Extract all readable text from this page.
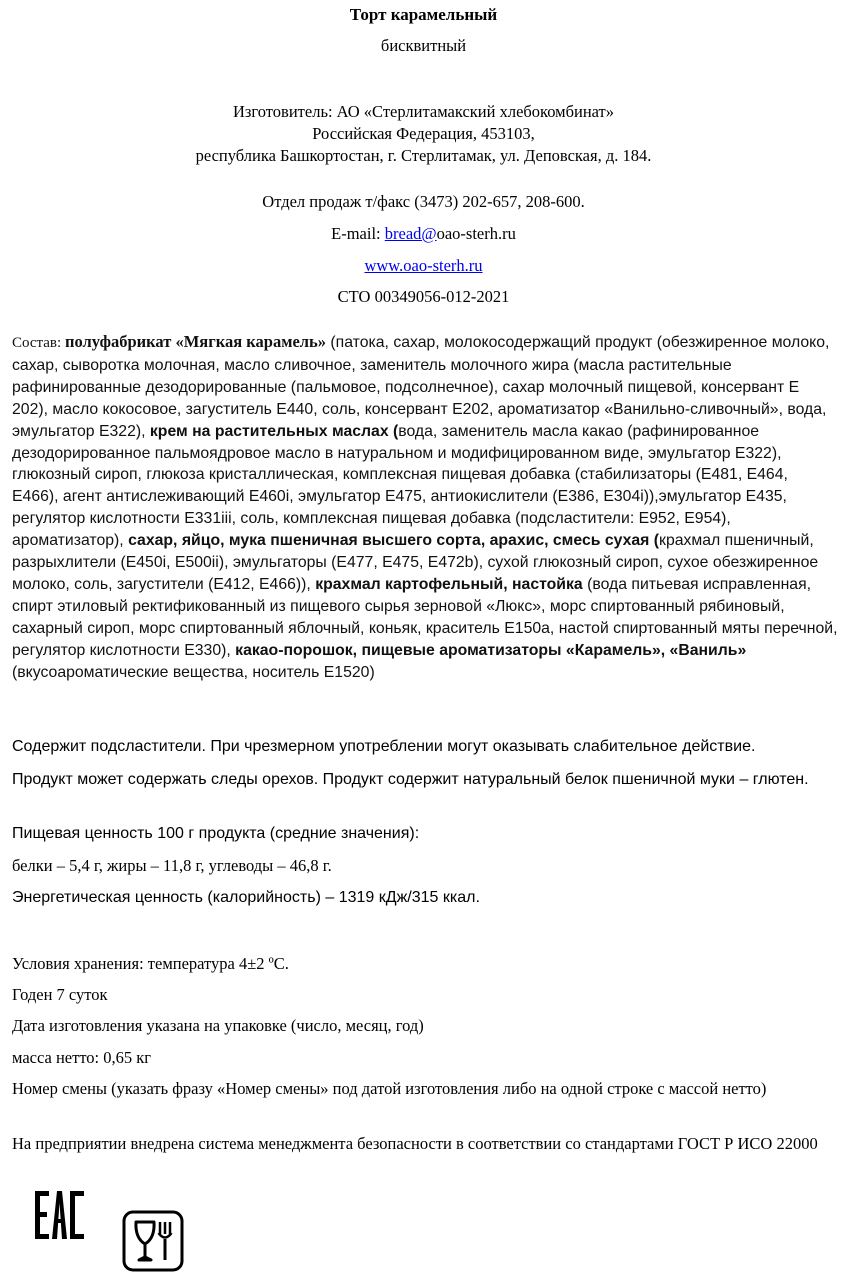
Торт карамельный
бисквитный
Изготовитель: АО «Стерлитамакский хлебокомбинат»
Российская Федерация, 453103,
республика Башкортостан, г. Стерлитамак, ул. Деповская, д. 184.
Отдел продаж т/факс (3473) 202-657, 208-600.
E-mail: bread@oao-sterh.ru
www.oao-sterh.ru
СТО 00349056-012-2021
Состав: полуфабрикат «Мягкая карамель» (патока, сахар, молокосодержащий продукт (обезжиренное молоко, сахар, сыворотка молочная, масло сливочное, заменитель молочного жира (масла растительные рафинированные дезодорированные (пальмовое, подсолнечное), сахар молочный пищевой, консервант Е 202), масло кокосовое, загуститель Е440, соль, консервант Е202, ароматизатор «Ванильно-сливочный», вода, эмульгатор Е322), крем на растительных маслах (вода, заменитель масла какао (рафинированное дезодорированное пальмоядровое масло в натуральном и модифицированном виде, эмульгатор Е322), глюкозный сироп, глюкоза кристаллическая, комплексная пищевая добавка (стабилизаторы (Е481, Е464, Е466), агент антислеживающий Е460i, эмульгатор Е475, антиокислители (Е386, Е304i)),эмульгатор Е435, регулятор кислотности Е331iii, соль, комплексная пищевая добавка (подсластители: Е952, Е954), ароматизатор), сахар, яйцо, мука пшеничная высшего сорта, арахис, смесь сухая (крахмал пшеничный, разрыхлители (Е450i, Е500ii), эмульгаторы (Е477, Е475, Е472b), сухой глюкозный сироп, сухое обезжиренное молоко, соль, загустители (Е412, Е466)), крахмал картофельный, настойка (вода питьевая исправленная, спирт этиловый ректификованный из пищевого сырья зерновой «Люкс», морс спиртованный рябиновый, сахарный сироп, морс спиртованный яблочный, коньяк, краситель Е150а, настой спиртованный мяты перечной, регулятор кислотности Е330), какао-порошок, пищевые ароматизаторы «Карамель», «Ваниль» (вкусоароматические вещества, носитель Е1520)
Содержит подсластители. При чрезмерном употреблении могут оказывать слабительное действие.
Продукт может содержать следы орехов. Продукт содержит натуральный белок пшеничной муки – глютен.
Пищевая ценность 100 г продукта (средние значения):
белки – 5,4 г, жиры – 11,8 г, углеводы – 46,8 г.
Энергетическая ценность (калорийность) – 1319 кДж/315 ккал.
Условия хранения: температура 4±2 ºС.
Годен 7 суток
Дата изготовления указана на упаковке (число, месяц, год)
масса нетто: 0,65 кг
Номер смены (указать фразу «Номер смены» под датой изготовления либо на одной строке с массой нетто)
На предприятии внедрена система менеджмента безопасности в соответствии со стандартами ГОСТ Р ИСО 22000
